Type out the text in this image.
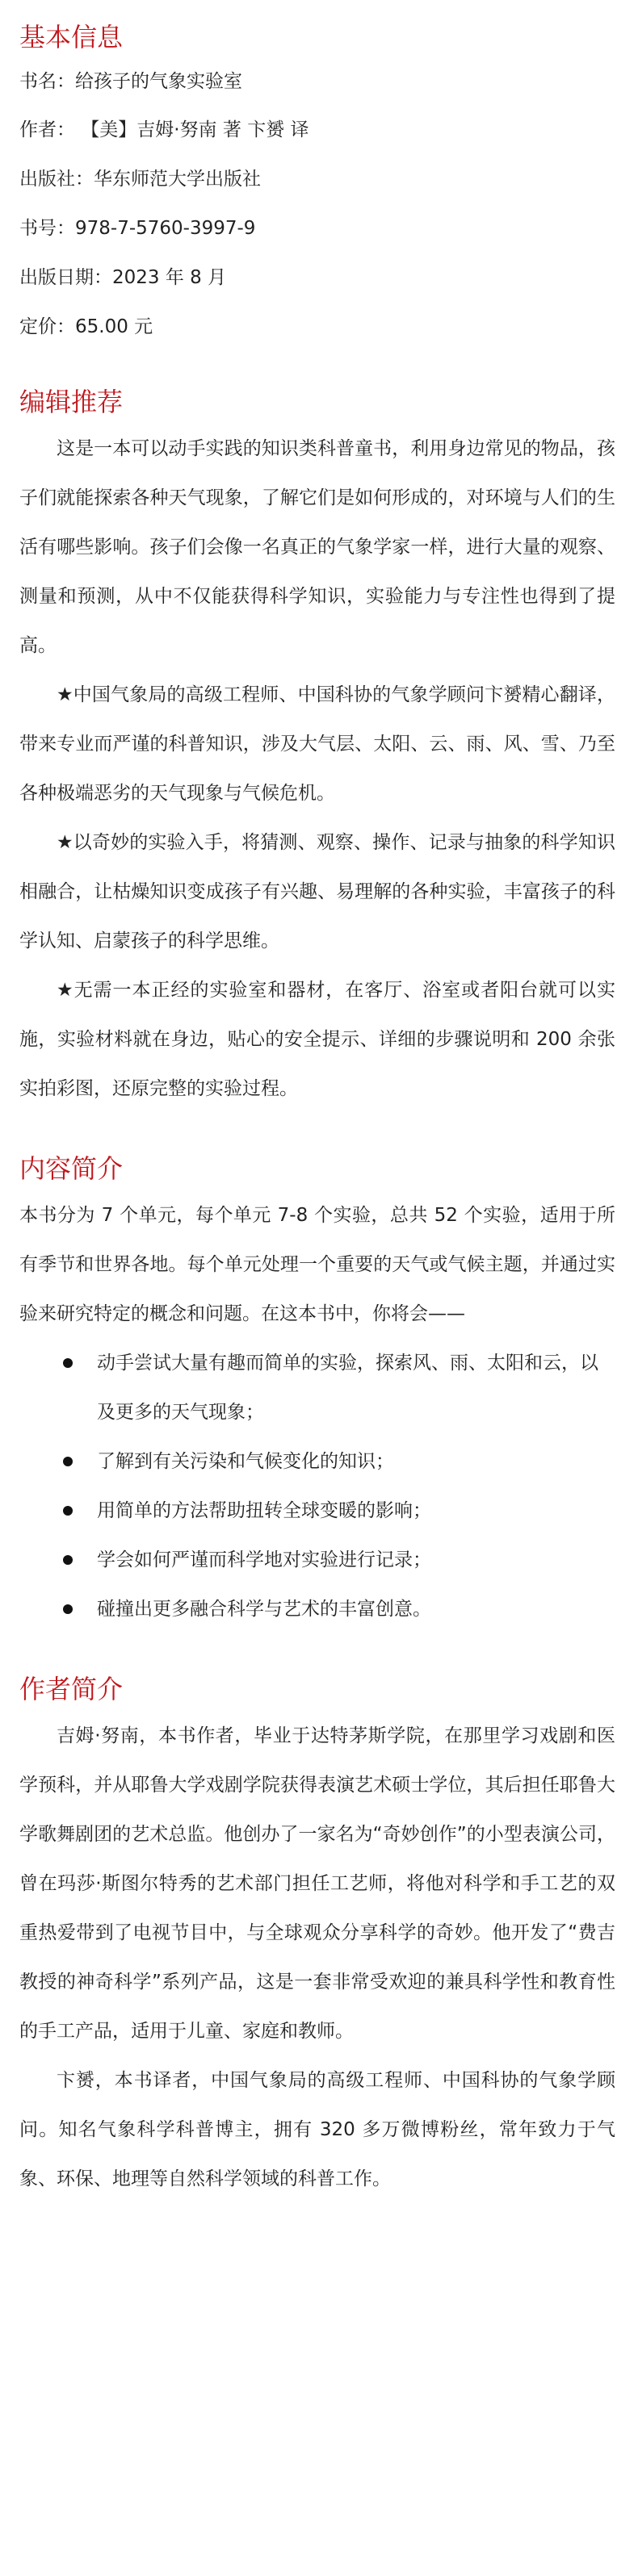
基本信息

书名：给孩子的气象实验室

作者： 【美】吉姆·努南 著 卞赟 译

出版社：华东师范大学出版社

书号：978-7-5760-3997-9

出版日期：2023 年 8 月

定价：65.00 元

编辑推荐

这是一本可以动手实践的知识类科普童书，利用身边常见的物品，孩子们就能探索各种天气现象，了解它们是如何形成的，对环境与人们的生活有哪些影响。孩子们会像一名真正的气象学家一样，进行大量的观察、测量和预测，从中不仅能获得科学知识，实验能力与专注性也得到了提高。

★中国气象局的高级工程师、中国科协的气象学顾问卞赟精心翻译，带来专业而严谨的科普知识，涉及大气层、太阳、云、雨、风、雪、乃至各种极端恶劣的天气现象与气候危机。

★以奇妙的实验入手，将猜测、观察、操作、记录与抽象的科学知识相融合，让枯燥知识变成孩子有兴趣、易理解的各种实验，丰富孩子的科学认知、启蒙孩子的科学思维。

★无需一本正经的实验室和器材，在客厅、浴室或者阳台就可以实施，实验材料就在身边，贴心的安全提示、详细的步骤说明和 200 余张实拍彩图，还原完整的实验过程。

内容简介

本书分为 7 个单元，每个单元 7-8 个实验，总共 52 个实验，适用于所有季节和世界各地。每个单元处理一个重要的天气或气候主题，并通过实验来研究特定的概念和问题。在这本书中，你将会——

动手尝试大量有趣而简单的实验，探索风、雨、太阳和云，以及更多的天气现象；
了解到有关污染和气候变化的知识；
用简单的方法帮助扭转全球变暖的影响；
学会如何严谨而科学地对实验进行记录；
碰撞出更多融合科学与艺术的丰富创意。
作者简介

吉姆·努南，本书作者，毕业于达特茅斯学院，在那里学习戏剧和医学预科，并从耶鲁大学戏剧学院获得表演艺术硕士学位，其后担任耶鲁大学歌舞剧团的艺术总监。他创办了一家名为“奇妙创作”的小型表演公司，曾在玛莎·斯图尔特秀的艺术部门担任工艺师，将他对科学和手工艺的双重热爱带到了电视节目中，与全球观众分享科学的奇妙。他开发了“费吉教授的神奇科学”系列产品，这是一套非常受欢迎的兼具科学性和教育性的手工产品，适用于儿童、家庭和教师。

卞赟，本书译者，中国气象局的高级工程师、中国科协的气象学顾问。知名气象科学科普博主，拥有 320 多万微博粉丝，常年致力于气象、环保、地理等自然科学领域的科普工作。
